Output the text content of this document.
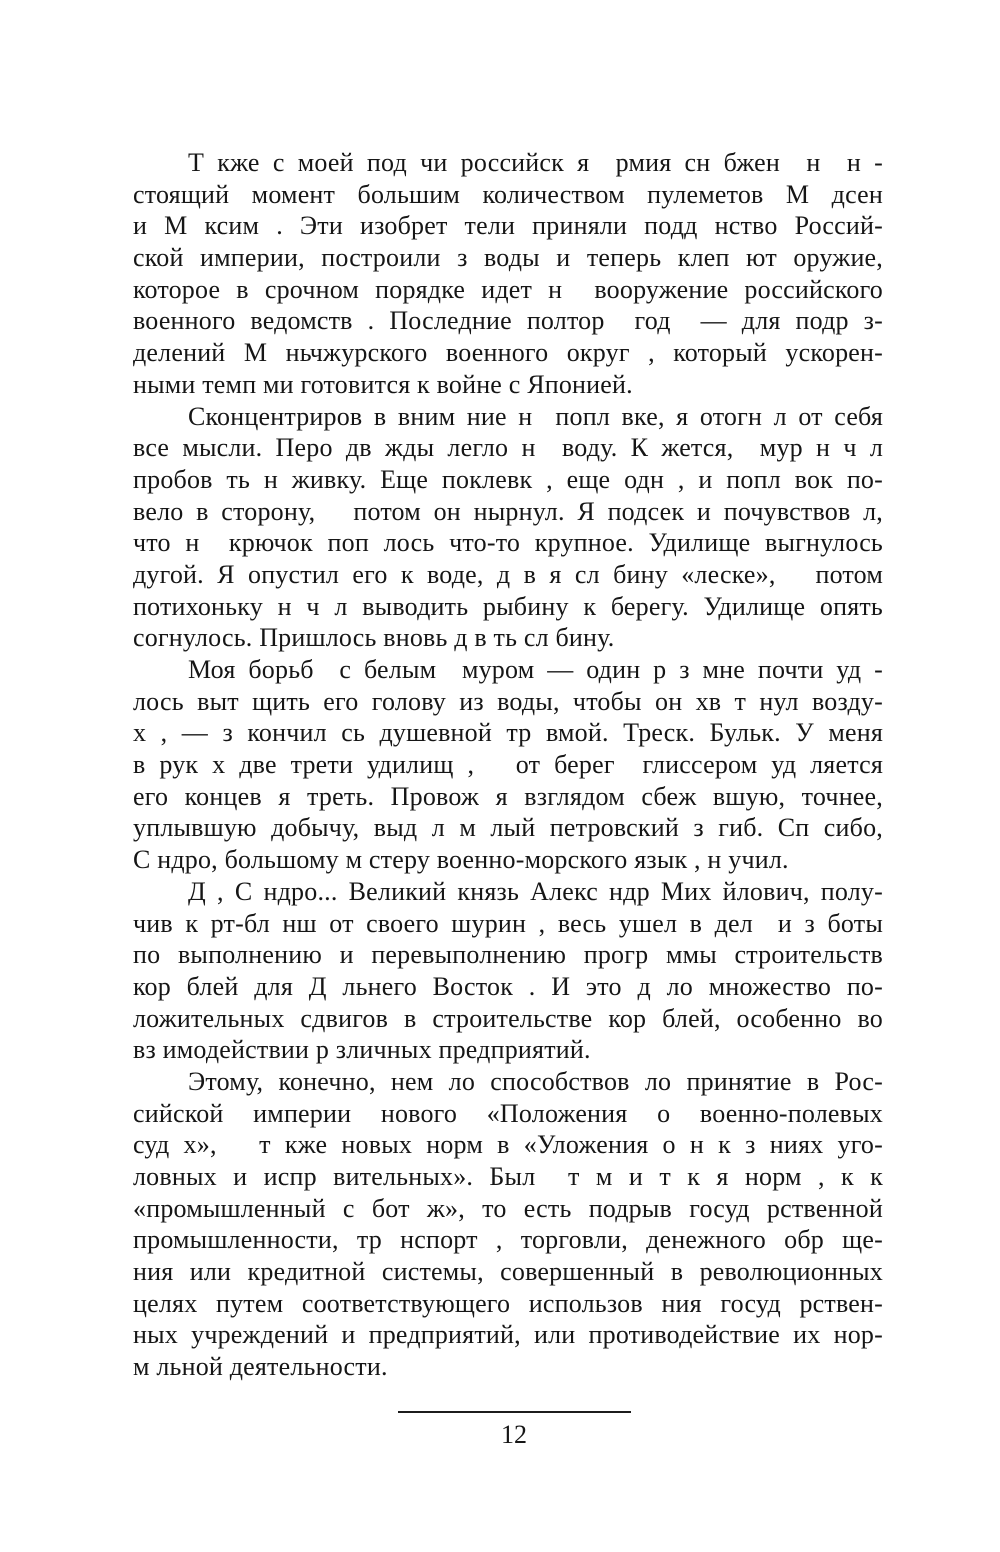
Т кже с моей под чи российск я  рмия сн бжен  н  н -
стоящий момент большим количеством пулеметов М дсен
и М ксим . Эти изобрет тели приняли подд нство Россий-
ской империи, построили з воды и теперь клеп ют оружие,
которое в срочном порядке идет н  вооружение российского
военного ведомств . Последние полтор  год  — для подр з-
делений М ньчжурского военного округ , который ускорен-
ными темп ми готовится к войне с Японией.
Сконцентриров в вним ние н  попл вке, я отогн л от себя
все мысли. Перо дв жды легло н  воду. К жется,  мур н ч л
пробов ть н живку. Еще поклевк , еще одн , и попл вок по-
вело в сторону,   потом он нырнул. Я подсек и почувствов л,
что н  крючок поп лось что-то крупное. Удилище выгнулось
дугой. Я опустил его к воде, д в я сл бину «леске»,   потом
потихоньку н ч л выводить рыбину к берегу. Удилище опять
согнулось. Пришлось вновь д в ть сл бину.
Моя борьб  с белым  муром — один р з мне почти уд -
лось выт щить его голову из воды, чтобы он хв т нул возду-
х , — з кончил сь душевной тр вмой. Треск. Бульк. У меня
в рук х две трети удилищ ,   от берег  глиссером уд ляется
его концев я треть. Провож я взглядом сбеж вшую, точнее,
уплывшую добычу, выд л м лый петровский з гиб. Сп сибо,
С ндро, большому м стеру военно-морского язык , н учил.
Д , С ндро... Великий князь Алекс ндр Мих йлович, полу-
чив к рт-бл нш от своего шурин , весь ушел в дел  и з боты
по выполнению и перевыполнению прогр ммы строительств
кор блей для Д льнего Восток . И это д ло множество по-
ложительных сдвигов в строительстве кор блей, особенно во
вз имодействии р зличных предприятий.
Этому, конечно, нем ло способствов ло принятие в Рос-
сийской империи нового «Положения о военно-полевых
суд х»,   т кже новых норм в «Уложения о н к з ниях уго-
ловных и испр вительных». Был  т м и т к я норм , к к
«промышленный с бот ж», то есть подрыв госуд рственной
промышленности, тр нспорт , торговли, денежного обр ще-
ния или кредитной системы, совершенный в революционных
целях путем соответствующего использов ния госуд рствен-
ных учреждений и предприятий, или противодействие их нор-
м льной деятельности.
12
